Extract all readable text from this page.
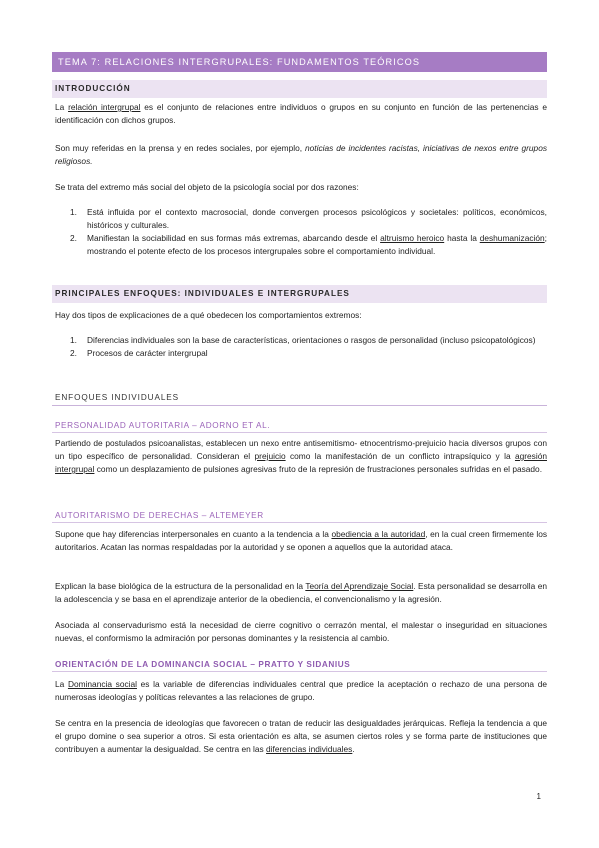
TEMA 7: RELACIONES INTERGRUPALES: FUNDAMENTOS TEÓRICOS
INTRODUCCIÓN

La relación intergrupal es el conjunto de relaciones entre individuos o grupos en su conjunto en función de las pertenencias e identificación con dichos grupos.

Son muy referidas en la prensa y en redes sociales, por ejemplo, noticias de incidentes racistas, iniciativas de nexos entre grupos religiosos.

Se trata del extremo más social del objeto de la psicología social por dos razones:

1. Está influida por el contexto macrosocial, donde convergen procesos psicológicos y societales: políticos, económicos, históricos y culturales.
2. Manifiestan la sociabilidad en sus formas más extremas, abarcando desde el altruismo heroico hasta la deshumanización; mostrando el potente efecto de los procesos intergrupales sobre el comportamiento individual.
PRINCIPALES ENFOQUES: INDIVIDUALES E INTERGRUPALES

Hay dos tipos de explicaciones de a qué obedecen los comportamientos extremos:

1. Diferencias individuales son la base de características, orientaciones o rasgos de personalidad (incluso psicopatológicos)
2. Procesos de carácter intergrupal
ENFOQUES INDIVIDUALES
PERSONALIDAD AUTORITARIA – ADORNO ET AL.

Partiendo de postulados psicoanalistas, establecen un nexo entre antisemitismo- etnocentrismo-prejuicio hacia diversos grupos con un tipo específico de personalidad. Consideran el prejuicio como la manifestación de un conflicto intrapsíquico y la agresión intergrupal como un desplazamiento de pulsiones agresivas fruto de la represión de frustraciones personales sufridas en el pasado.

AUTORITARISMO DE DERECHAS – ALTEMEYER

Supone que hay diferencias interpersonales en cuanto a la tendencia a la obediencia a la autoridad, en la cual creen firmemente los autoritarios. Acatan las normas respaldadas por la autoridad y se oponen a aquellos que la autoridad ataca.

Explican la base biológica de la estructura de la personalidad en la Teoría del Aprendizaje Social. Esta personalidad se desarrolla en la adolescencia y se basa en el aprendizaje anterior de la obediencia, el convencionalismo y la agresión.

Asociada al conservadurismo está la necesidad de cierre cognitivo o cerrazón mental, el malestar o inseguridad en situaciones nuevas, el conformismo la admiración por personas dominantes y la resistencia al cambio.

ORIENTACIÓN DE LA DOMINANCIA SOCIAL – PRATTO Y SIDANIUS

La Dominancia social es la variable de diferencias individuales central que predice la aceptación o rechazo de una persona de numerosas ideologías y políticas relevantes a las relaciones de grupo.

Se centra en la presencia de ideologías que favorecen o tratan de reducir las desigualdades jerárquicas. Refleja la tendencia a que el grupo domine o sea superior a otros. Si esta orientación es alta, se asumen ciertos roles y se forma parte de instituciones que contribuyen a aumentar la desigualdad. Se centra en las diferencias individuales.

1
